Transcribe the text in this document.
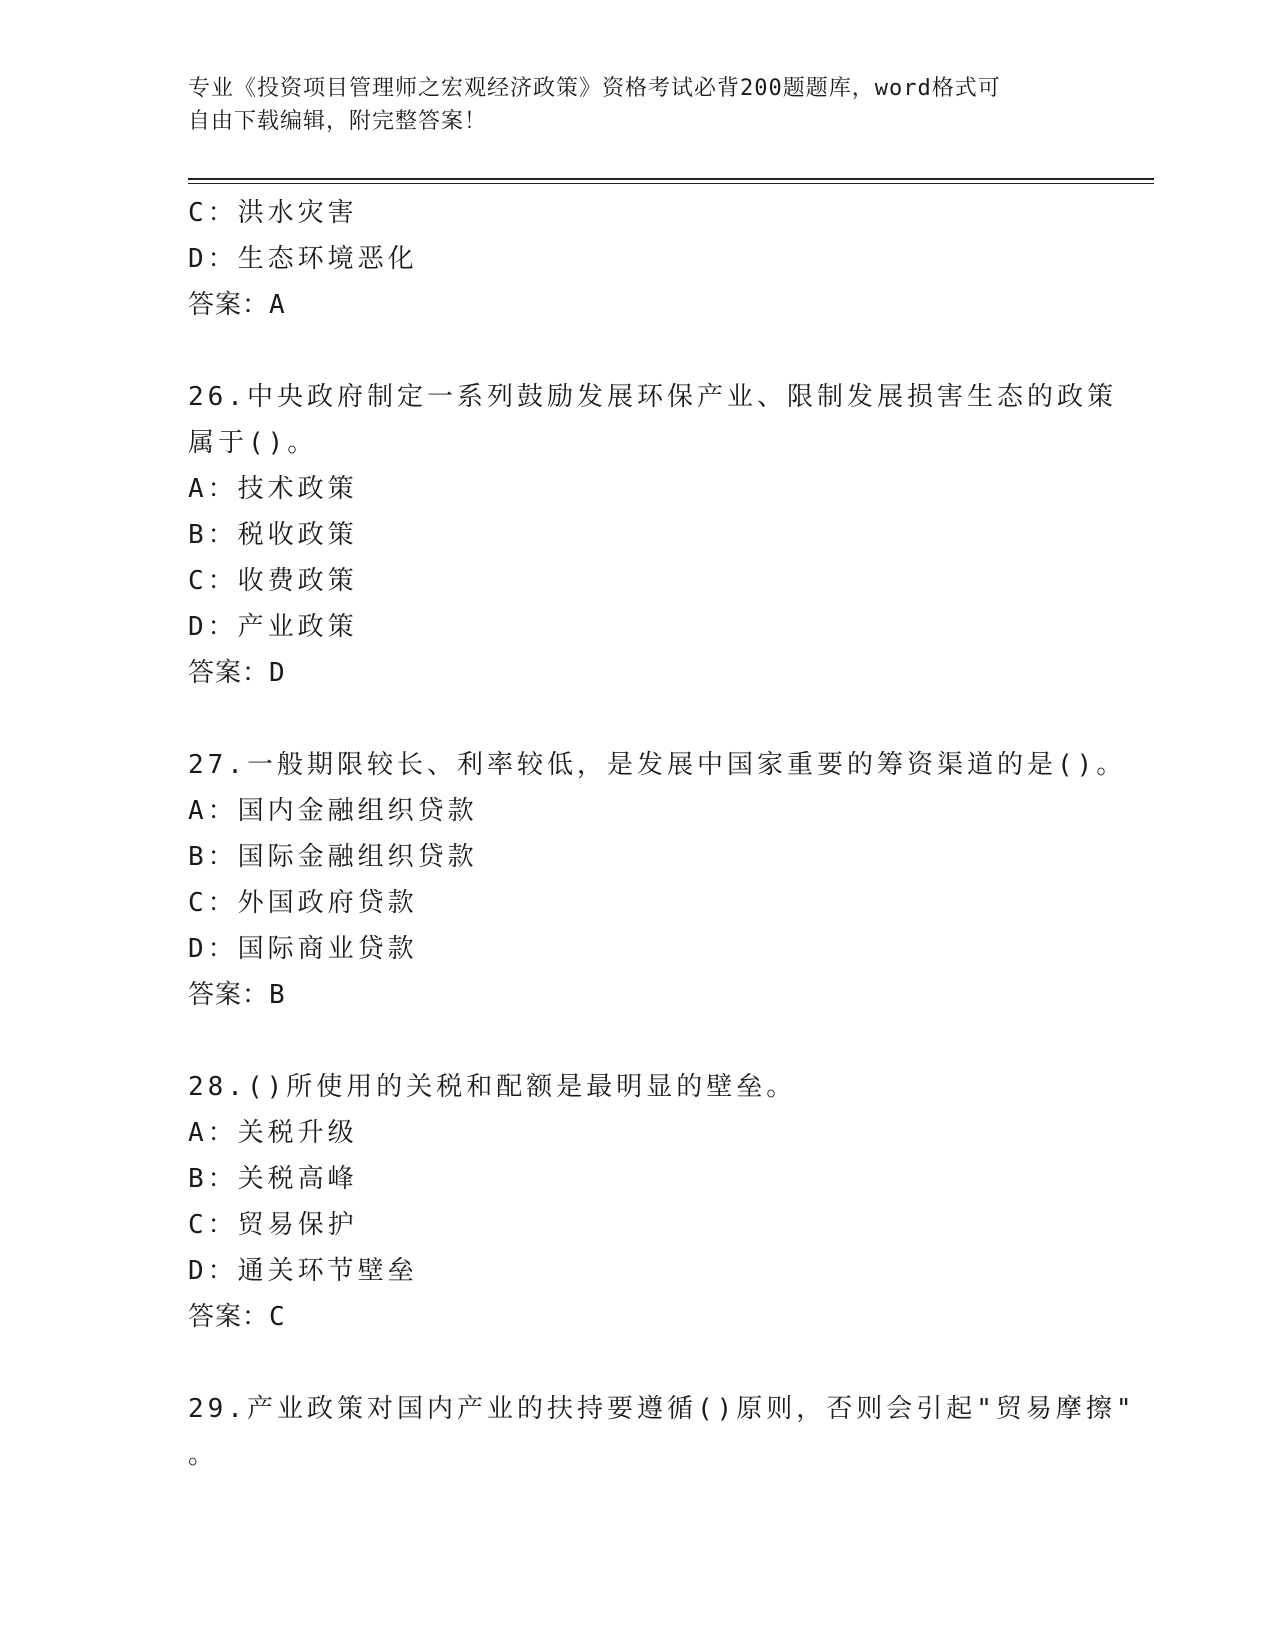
专业《投资项目管理师之宏观经济政策》资格考试必背200题题库，word格式可
自由下载编辑，附完整答案！
C：洪水灾害
D：生态环境恶化
答案：A
26.中央政府制定一系列鼓励发展环保产业、限制发展损害生态的政策
属于()。
A：技术政策
B：税收政策
C：收费政策
D：产业政策
答案：D
27.一般期限较长、利率较低，是发展中国家重要的筹资渠道的是()。
A：国内金融组织贷款
B：国际金融组织贷款
C：外国政府贷款
D：国际商业贷款
答案：B
28.()所使用的关税和配额是最明显的壁垒。
A：关税升级
B：关税高峰
C：贸易保护
D：通关环节壁垒
答案：C
29.产业政策对国内产业的扶持要遵循()原则，否则会引起"贸易摩擦"
。
